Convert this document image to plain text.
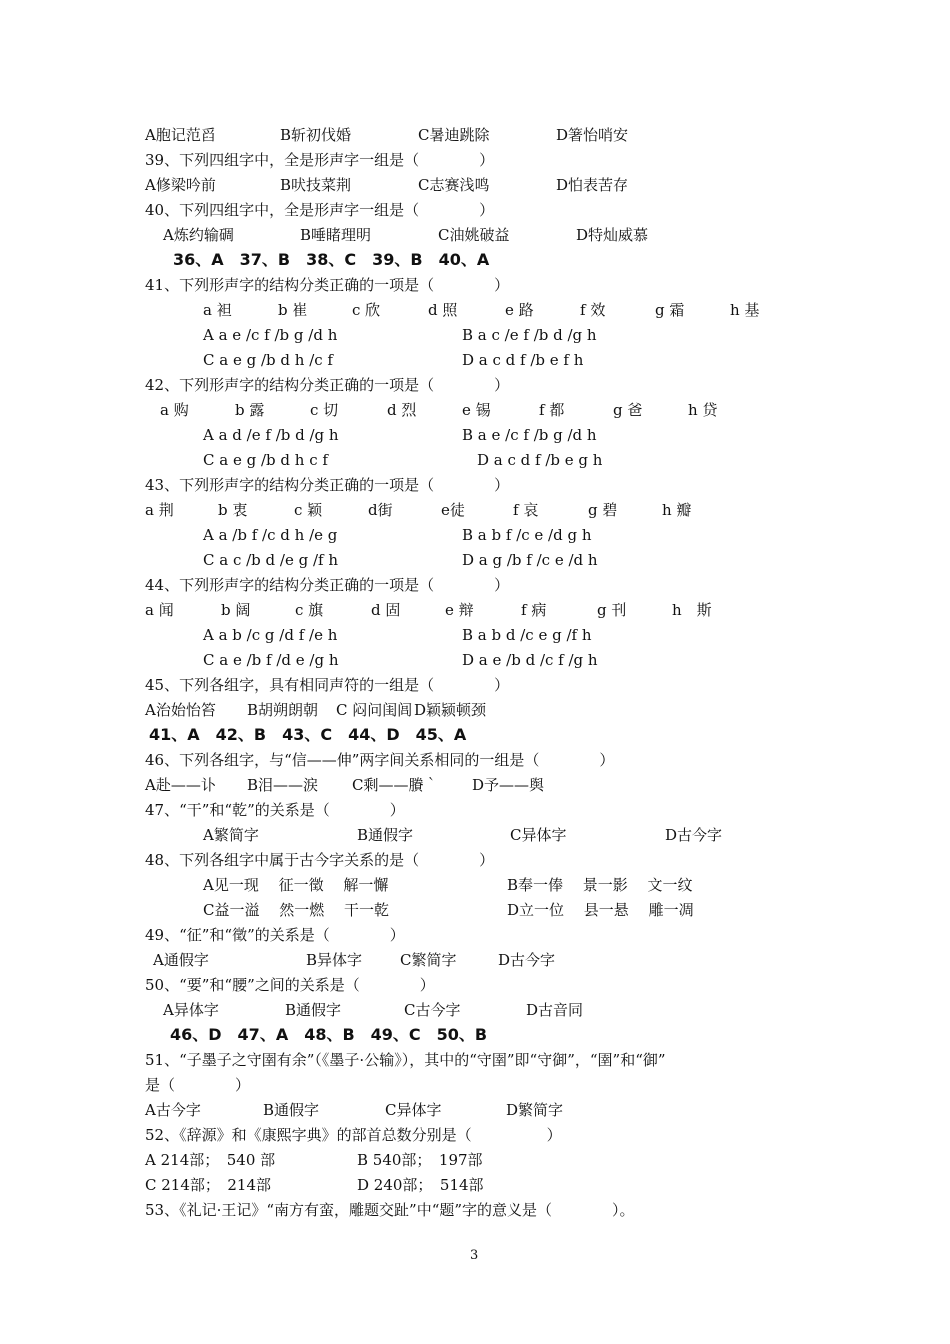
A胞记范舀	B斩初伐婚	C暑迪跳除	D箸怡哨安
39、下列四组字中，全是形声字一组是（　　　　）
A修梁吟前	B吠技菜荆	C志赛浅鸣	D怕表苦存
40、下列四组字中，全是形声字一组是（　　　　）
A炼约输碉	B唾睹理明	C油姚破益	D特灿威慕
36、A　37、B　38、C　39、B　40、A
41、下列形声字的结构分类正确的一项是（　　　　）
a 袒	b 崔	c 欣	d 照	e 路	f 效	g 霜	h 基
A a e /c f /b g /d h	B a c /e f /b d /g h
C a e g /b d h /c f	D a c d f /b e f h
42、下列形声字的结构分类正确的一项是（　　　　）
a 购	b 露	c 切	d 烈	e 锡	f 都	g 爸	h 贷
A a d /e f /b d /g h	B a e /c f /b g /d h
C a e g /b d h c f	D a c d f /b e g h
43、下列形声字的结构分类正确的一项是（　　　　）
a 荆	b 衷	c 颖	d街	e徒	f 哀	g 碧	h 瓣
A a /b f /c d h /e g	B a b f /c e /d g h
C a c /b d /e g /f h	D a g /b f /c e /d h
44、下列形声字的结构分类正确的一项是（　　　　）
a 闻	b 阔	c 旗	d 固	e 辩	f 病	g 刊	h　斯
A a b /c g /d f /e h	B a b d /c e g /f h
C a e /b f /d e /g h	D a e /b d /c f /g h
45、下列各组字，具有相同声符的一组是（　　　　）
A治始怡笞 B胡朔朗朝 C 闷问闺闾 D颖颍顿颈
41、A　42、B　43、C　44、D　45、A
46、下列各组字，与“信——伸”两字间关系相同的一组是（　　　　）
A赴——讣 B泪——涙 C剩——賸｀ D予——舆
47、“干”和“乾”的关系是（　　　　）
A繁简字	B通假字	C异体字	D古今字
48、下列各组字中属于古今字关系的是（　　　　）
A见一现　 征一徵　 解一懈	B奉一俸　 景一影　 文一纹
C益一溢　 然一燃　 干一乾	D立一位　 县一悬　 雕一凋
49、“征”和“徵”的关系是（　　　　）
A通假字	B异体字	C繁简字	D古今字
50、“要”和“腰”之间的关系是（　　　　）
A异体字	B通假字	C古今字	D古音同
46、D　47、A　48、B　49、C　50、B
51、“子墨子之守圉有余”（《墨子·公输》），其中的“守圉”即“守御”，“圉”和“御”
是（　　　　）
A古今字	B通假字	C异体字	D繁简字
52、《辞源》和《康熙字典》的部首总数分别是（　　　　　）
A 214部；　540 部	B 540部；　197部
C 214部；　214部	D 240部；　514部
53、《礼记·王记》“南方有蛮，雕题交趾”中“题”字的意义是（　　　　）。
3
